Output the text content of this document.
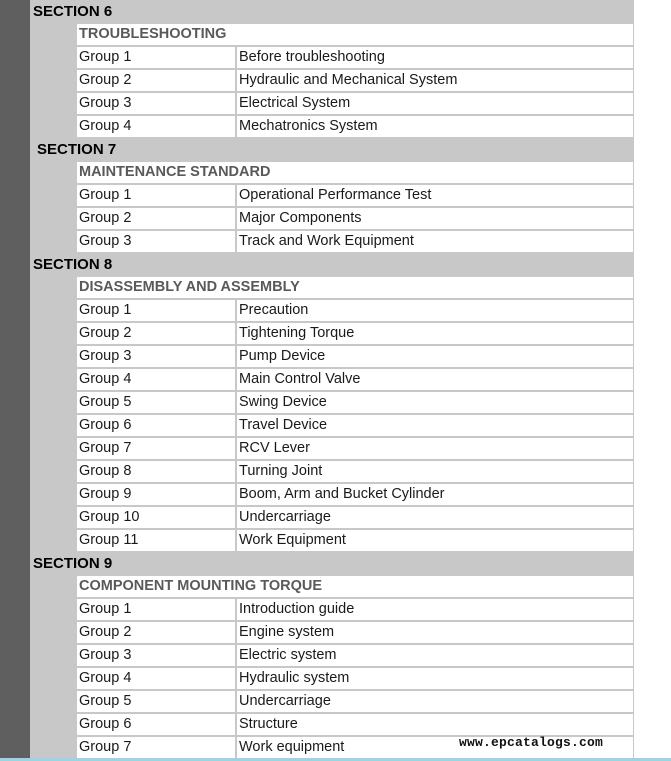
SECTION 6
TROUBLESHOOTING
Group 1	Before troubleshooting
Group 2	Hydraulic and Mechanical System
Group 3	Electrical System
Group 4	Mechatronics System
SECTION 7
MAINTENANCE STANDARD
Group 1	Operational Performance Test
Group 2	Major Components
Group 3	Track and Work Equipment
SECTION 8
DISASSEMBLY AND ASSEMBLY
Group 1	Precaution
Group 2	Tightening Torque
Group 3	Pump Device
Group 4	Main Control Valve
Group 5	Swing Device
Group 6	Travel Device
Group 7	RCV Lever
Group 8	Turning Joint
Group 9	Boom, Arm and Bucket Cylinder
Group 10	Undercarriage
Group 11	Work Equipment
SECTION 9
COMPONENT MOUNTING TORQUE
Group 1	Introduction guide
Group 2	Engine system
Group 3	Electric system
Group 4	Hydraulic system
Group 5	Undercarriage
Group 6	Structure
Group 7	Work equipment	www.epcatalogs.com
